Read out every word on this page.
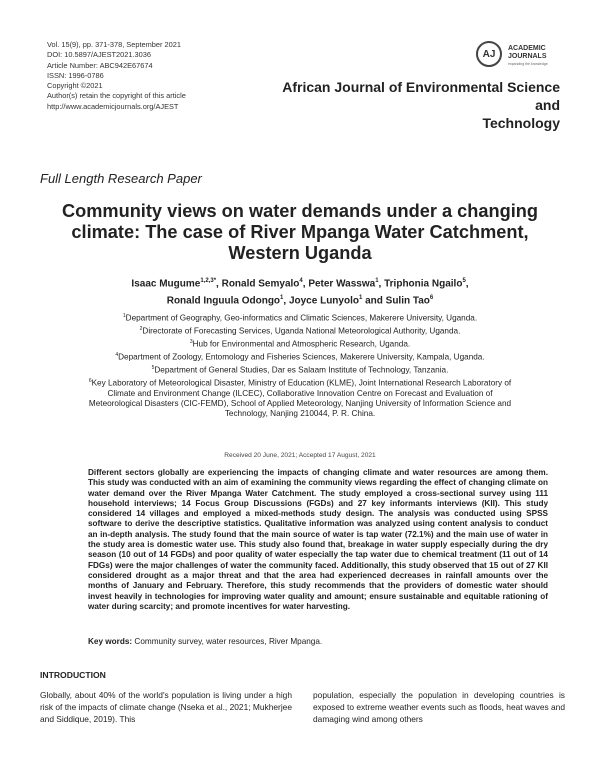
Vol. 15(9), pp. 371-378, September 2021
DOI: 10.5897/AJEST2021.3036
Article Number: ABC942E67674
ISSN: 1996-0786
Copyright ©2021
Author(s) retain the copyright of this article
http://www.academicjournals.org/AJEST
AJ	ACADEMIC
JOURNALS
expanding the knowledge
African Journal of Environmental Science and
Technology
Full Length Research Paper
Community views on water demands under a changing
climate: The case of River Mpanga Water Catchment,
Western Uganda
Isaac Mugume$^{1,2,3*}$, Ronald Semyalo$^4$, Peter Wasswa$^1$, Triphonia Ngailo$^5$,
Ronald Inguula Odongo$^1$, Joyce Lunyolo$^1$ and Sulin Tao$^6$
$^1$Department of Geography, Geo-informatics and Climatic Sciences, Makerere University, Uganda.
$^2$Directorate of Forecasting Services, Uganda National Meteorological Authority, Uganda.
$^3$Hub for Environmental and Atmospheric Research, Uganda.
$^4$Department of Zoology, Entomology and Fisheries Sciences, Makerere University, Kampala, Uganda.
$^5$Department of General Studies, Dar es Salaam Institute of Technology, Tanzania.
$^6$Key Laboratory of Meteorological Disaster, Ministry of Education (KLME), Joint International Research Laboratory of
Climate and Environment Change (ILCEC), Collaborative Innovation Centre on Forecast and Evaluation of
Meteorological Disasters (CIC-FEMD), School of Applied Meteorology, Nanjing University of Information Science and
Technology, Nanjing 210044, P. R. China.
Received 20 June, 2021; Accepted 17 August, 2021
Different sectors globally are experiencing the impacts of changing climate and water resources are among them. This study was conducted with an aim of examining the community views regarding the effect of changing climate on water demand over the River Mpanga Water Catchment. The study employed a cross-sectional survey using 111 household interviews; 14 Focus Group Discussions (FGDs) and 27 key informants interviews (KII). This study considered 14 villages and employed a mixed-methods study design. The analysis was conducted using SPSS software to derive the descriptive statistics. Qualitative information was analyzed using content analysis to conduct an in-depth analysis. The study found that the main source of water is tap water (72.1%) and the main use of water in the study area is domestic water use. This study also found that, breakage in water supply especially during the dry season (10 out of 14 FGDs) and poor quality of water especially the tap water due to chemical treatment (11 out of 14 FDGs) were the major challenges of water the community faced. Additionally, this study observed that 15 out of 27 KII considered drought as a major threat and that the area had experienced decreases in rainfall amounts over the months of January and February. Therefore, this study recommends that the providers of domestic water should invest heavily in technologies for improving water quality and amount; ensure sustainable and equitable rationing of water during scarcity; and promote incentives for water harvesting.
Key words: Community survey, water resources, River Mpanga.
INTRODUCTION
Globally, about 40% of the world's population is living under a high risk of the impacts of climate change (Nseka et al., 2021; Mukherjee and Siddique, 2019). This
population, especially the population in developing countries is exposed to extreme weather events such as floods, heat waves and damaging wind among others
